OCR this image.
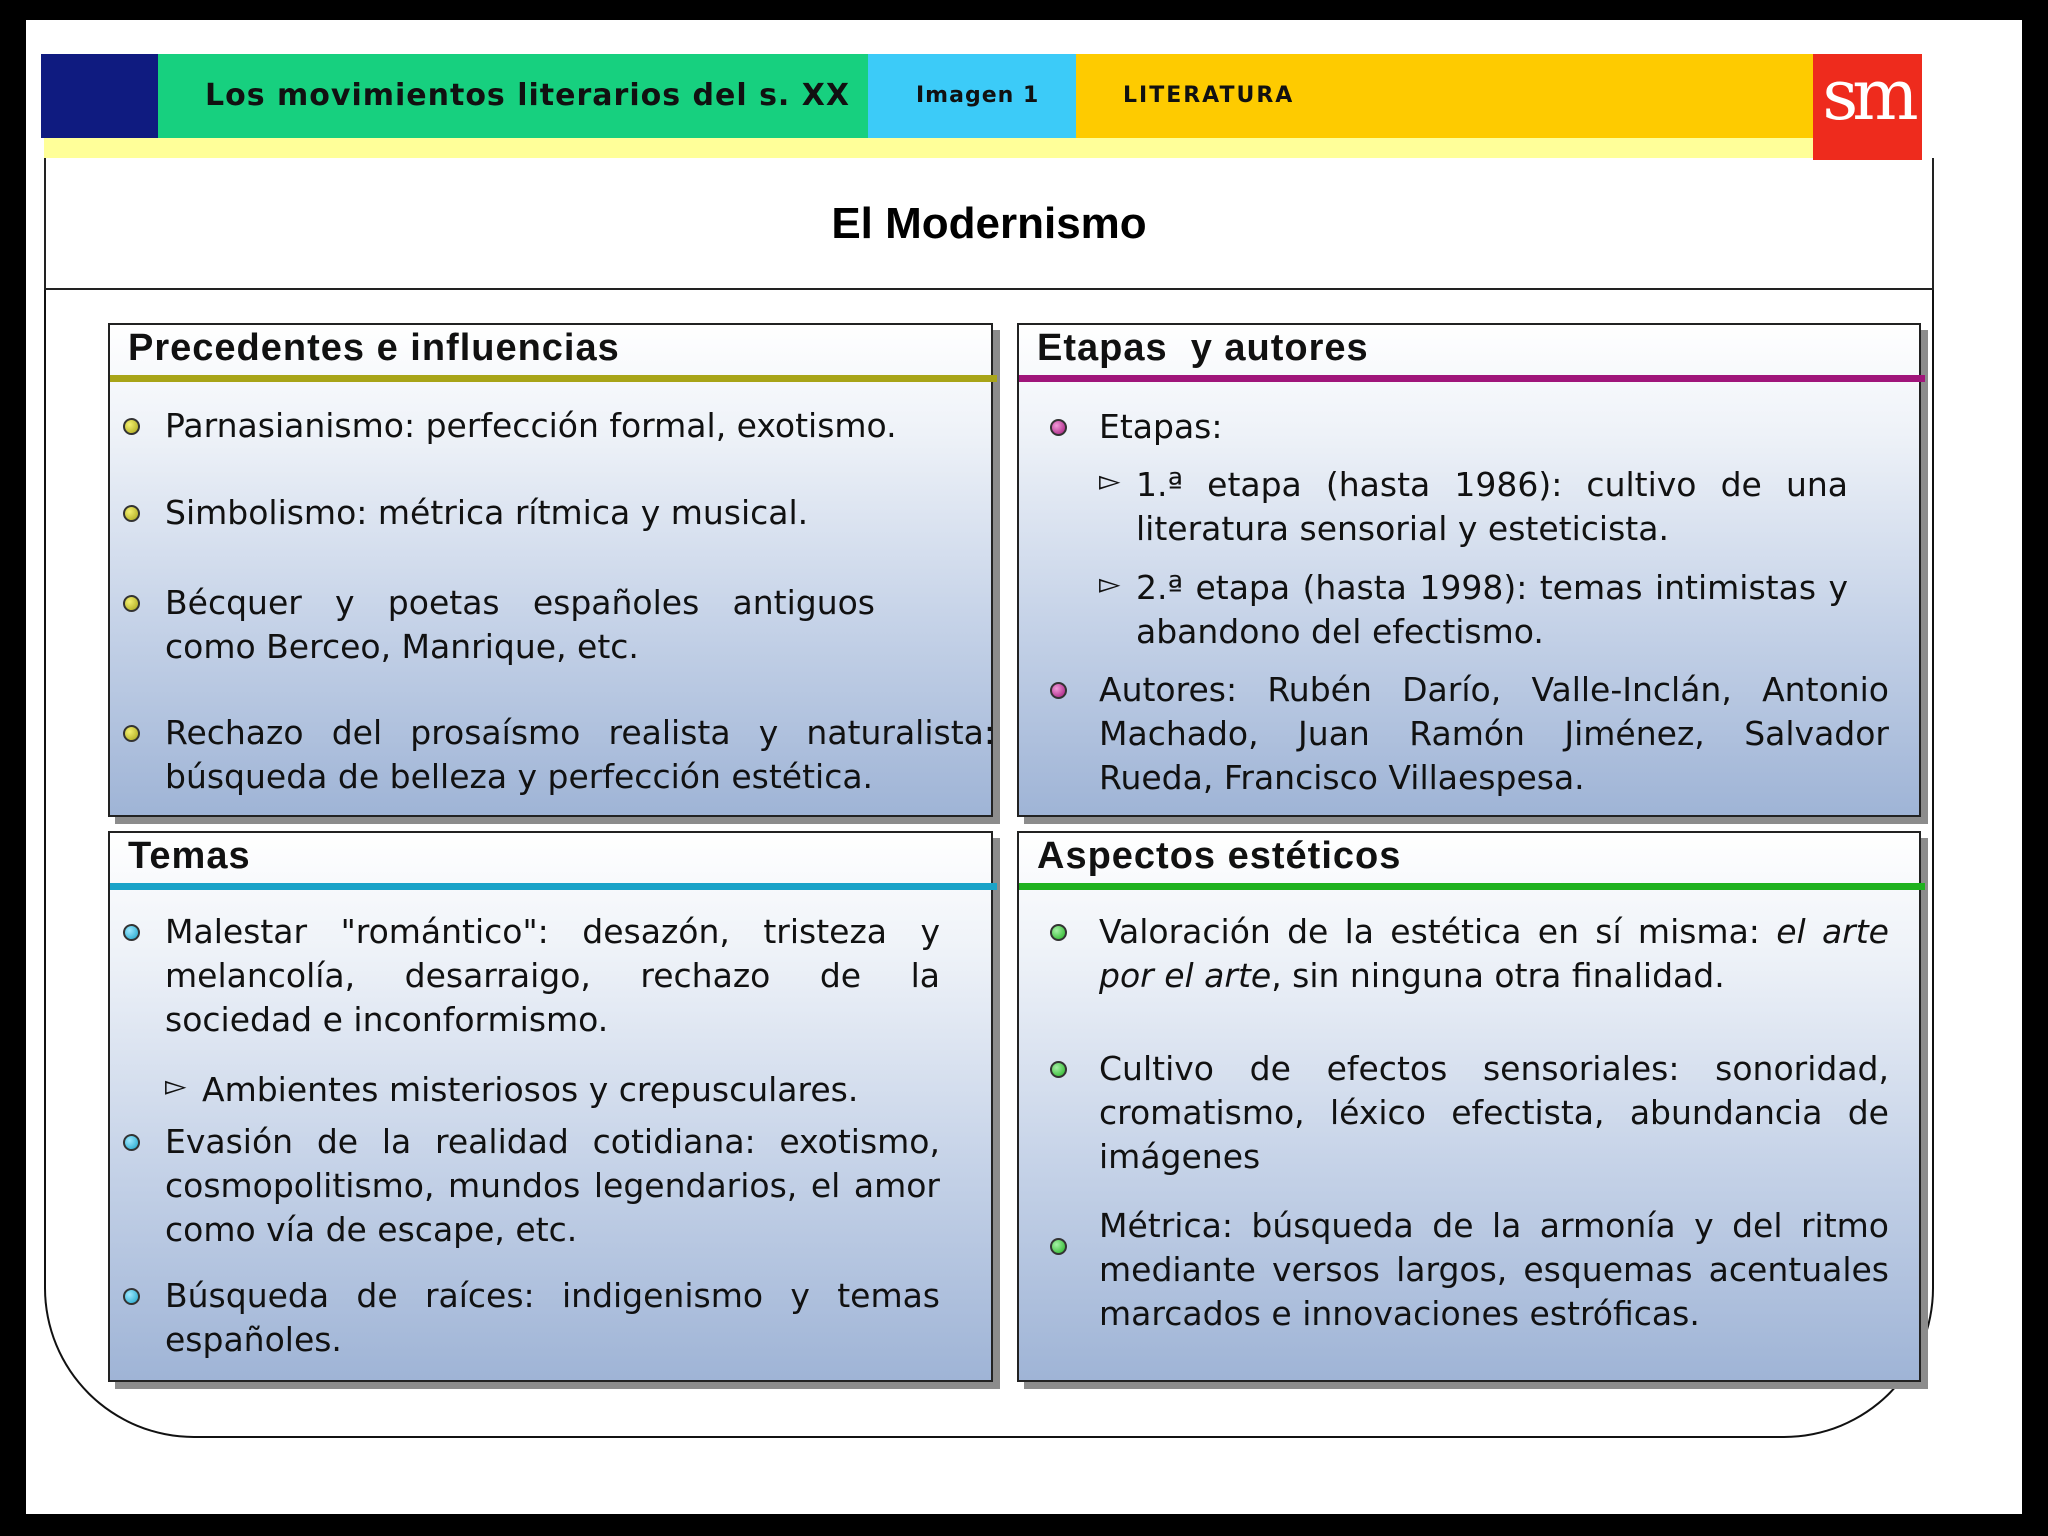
Los movimientos literarios del s. XX	Imagen 1	LITERATURA	sm
El Modernismo
Precedentes e influencias
Parnasianismo: perfección formal, exotismo.
Simbolismo: métrica rítmica y musical.
Bécquer y poetas españoles antiguos como Berceo, Manrique, etc.
Rechazo del prosaísmo realista y naturalista: búsqueda de belleza y perfección estética.
Etapas  y autores
Etapas:
▻ 1.ª etapa (hasta 1986): cultivo de una literatura sensorial y esteticista.
▻ 2.ª etapa (hasta 1998): temas intimistas y abandono del efectismo.
Autores: Rubén Darío, Valle-Inclán, Antonio Machado, Juan Ramón Jiménez, Salvador Rueda, Francisco Villaespesa.
Temas
Malestar "romántico": desazón, tristeza y melancolía, desarraigo, rechazo de la sociedad e inconformismo.
▻ Ambientes misteriosos y crepusculares.
Evasión de la realidad cotidiana: exotismo, cosmopolitismo, mundos legendarios, el amor como vía de escape, etc.
Búsqueda de raíces: indigenismo y temas españoles.
Aspectos estéticos
Valoración de la estética en sí misma: el arte por el arte, sin ninguna otra finalidad.
Cultivo de efectos sensoriales: sonoridad, cromatismo, léxico efectista, abundancia de imágenes
Métrica: búsqueda de la armonía y del ritmo mediante versos largos, esquemas acentuales marcados e innovaciones estróficas.
